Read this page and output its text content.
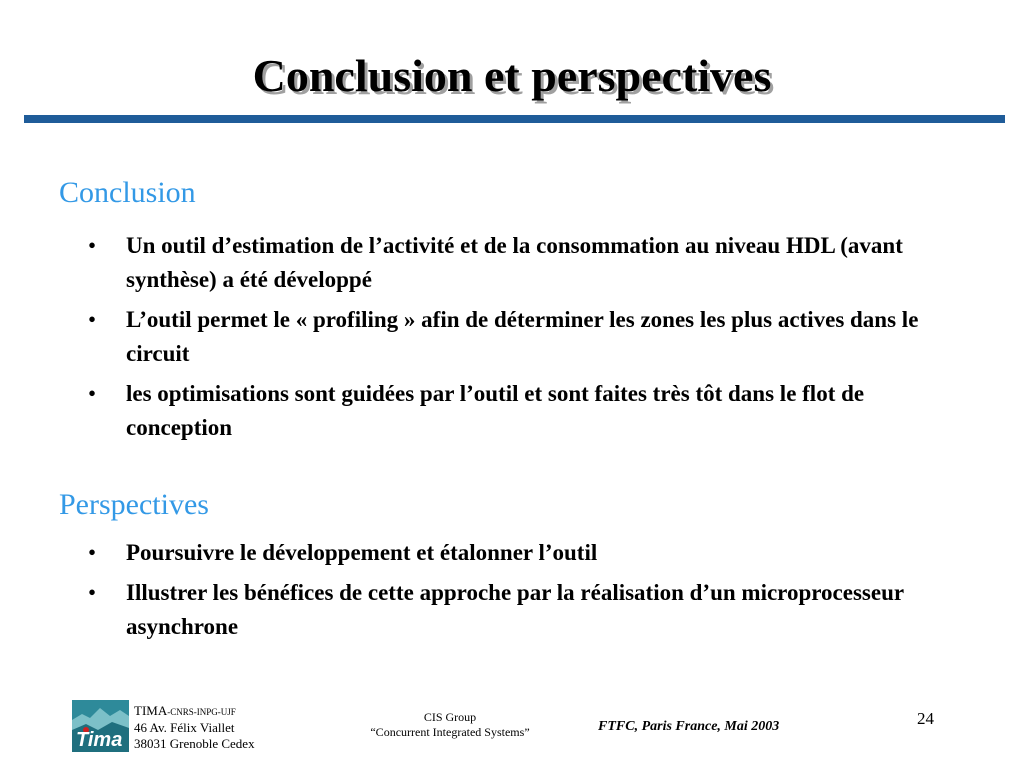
Conclusion et perspectives
Conclusion
• Un outil d’estimation de l’activité et de la consommation au niveau HDL (avant synthèse) a été développé
• L’outil permet le « profiling » afin de déterminer les zones les plus actives dans le circuit
• les optimisations sont guidées par l’outil et sont faites très tôt dans le flot de conception
Perspectives
• Poursuivre le développement et étalonner l’outil
• Illustrer les bénéfices de cette approche par la réalisation d’un microprocesseur asynchrone
Tima
TIMA-CNRS-INPG-UJF
46 Av. Félix Viallet
38031 Grenoble Cedex
CIS Group
“Concurrent Integrated Systems”	FTFC, Paris France, Mai 2003	24
